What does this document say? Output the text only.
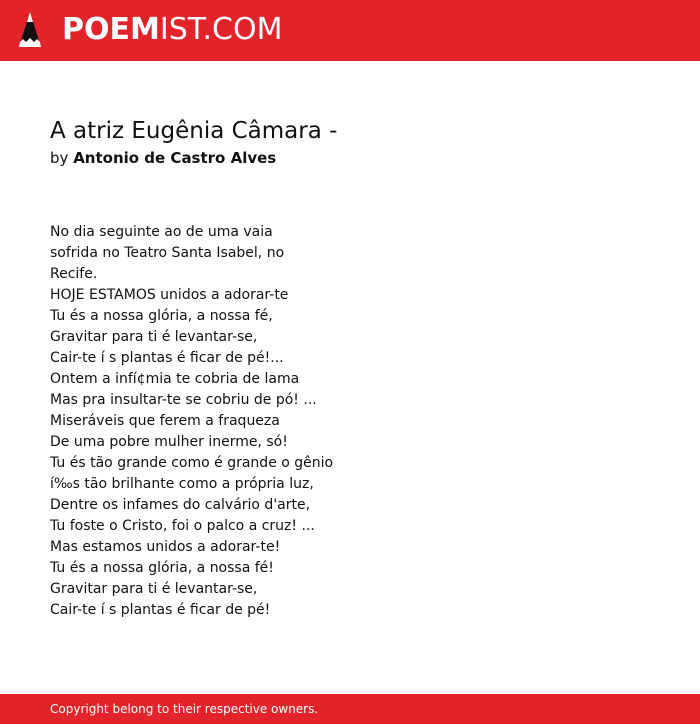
POEMIST.COM
A atriz Eugênia Câmara -
by Antonio de Castro Alves
No dia seguinte ao de uma vaia
sofrida no Teatro Santa Isabel, no
Recife.
HOJE ESTAMOS unidos a adorar-te
Tu és a nossa glória, a nossa fé,
Gravitar para ti é levantar-se,
Cair-te í s plantas é ficar de pé!...
Ontem a infí¢mia te cobria de lama
Mas pra insultar-te se cobriu de pó! ...
Miseráveis que ferem a fraqueza
De uma pobre mulher inerme, só!
Tu és tão grande como é grande o gênio
í‰s tão brilhante como a própria luz,
Dentre os infames do calvário d'arte,
Tu foste o Cristo, foi o palco a cruz! ...
Mas estamos unidos a adorar-te!
Tu és a nossa glória, a nossa fé!
Gravitar para ti é levantar-se,
Cair-te í s plantas é ficar de pé!
Copyright belong to their respective owners.
